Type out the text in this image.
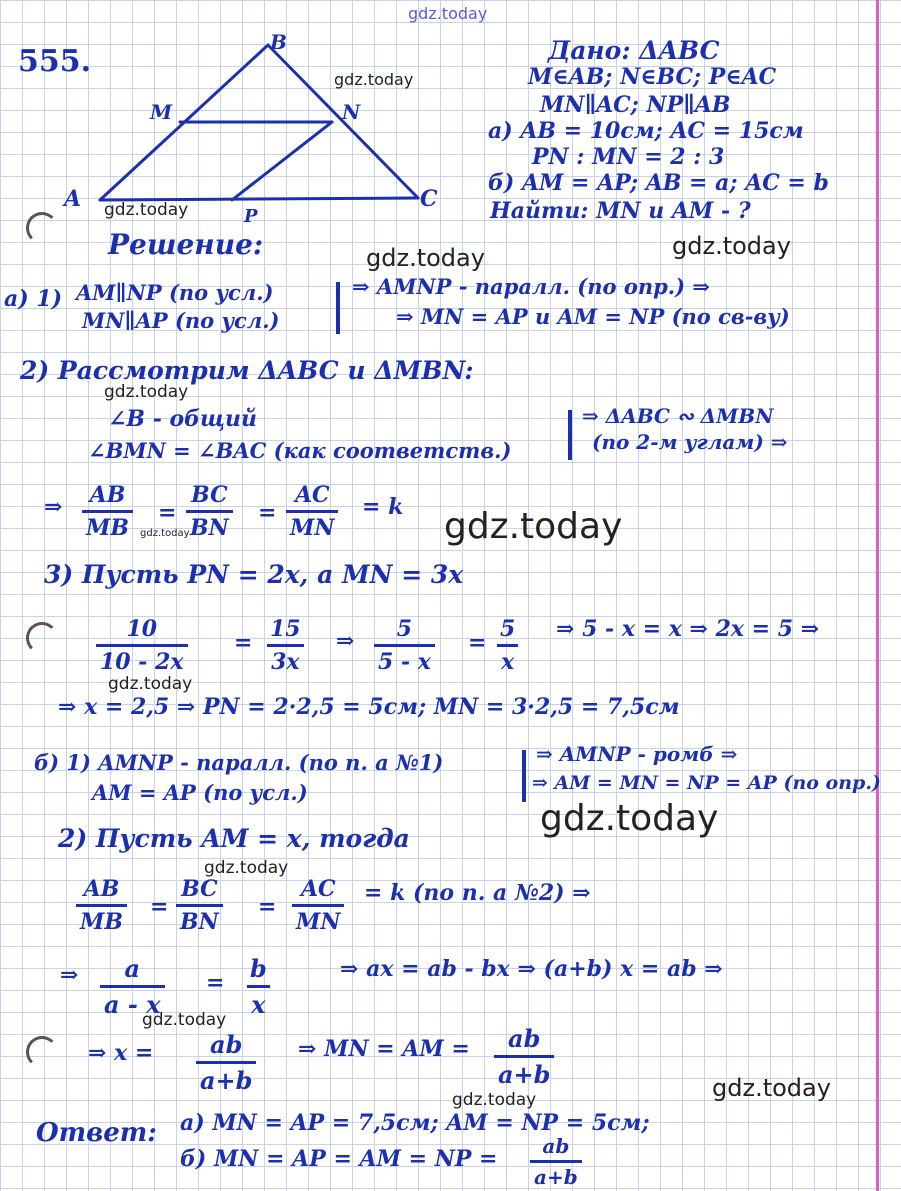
B
M	N
A	C
P
555.	Дано: ΔABC
M∈AB; N∈BC; P∈AC
MN∥AC; NP∥AB
a) AB = 10см; AC = 15см
PN : MN = 2 : 3
б) AM = AP; AB = a; AC = b
Найти: MN и AM - ?
Решение:
а) 1) AM∥NP (по усл.)
MN∥AP (по усл.)
⇒ AMNP - паралл. (по опр.) ⇒
⇒ MN = AP и AM = NP (по св-ву)
2) Рассмотрим ΔABC и ΔMBN:
∠B - общий
∠BMN = ∠BAC (как соответств.)
⇒ ΔABC ∾ ΔMBN
(по 2-м углам) ⇒
⇒ $\frac{AB}{MB} = \frac{BC}{BN} = \frac{AC}{MN} = k$
3) Пусть PN = 2x, a MN = 3x
$\frac{10}{10 - 2x} = \frac{15}{3x}$ ⇒ $\frac{5}{5 - x} = \frac{5}{x}$ ⇒ 5 - x = x ⇒ 2x = 5 ⇒
⇒ x = 2,5 ⇒ PN = 2·2,5 = 5см; MN = 3·2,5 = 7,5см
б) 1) AMNP - паралл. (по п. а №1)
AM = AP (по усл.)
⇒ AMNP - ромб ⇒
⇒ AM = MN = NP = AP (по опр.)
2) Пусть AM = x, тогда
$\frac{AB}{MB} = \frac{BC}{BN} = \frac{AC}{MN} = k$ (по п. а №2) ⇒
⇒ $\frac{a}{a - x} = \frac{b}{x}$	⇒ ax = ab - bx ⇒ (a+b) x = ab ⇒
⇒ $x = \frac{ab}{a+b}$ ⇒ MN = AM = $\frac{ab}{a+b}$
Ответ: а) MN = AP = 7,5см; AM = NP = 5см;
б) MN = AP = AM = NP = $\frac{ab}{a+b}$
gdz.today
gdz.today
gdz.today
gdz.today	gdz.today
gdz.today
gdz.today	gdz.today
gdz.today
gdz.today
gdz.today
gdz.today
gdz.today
gdz.today
